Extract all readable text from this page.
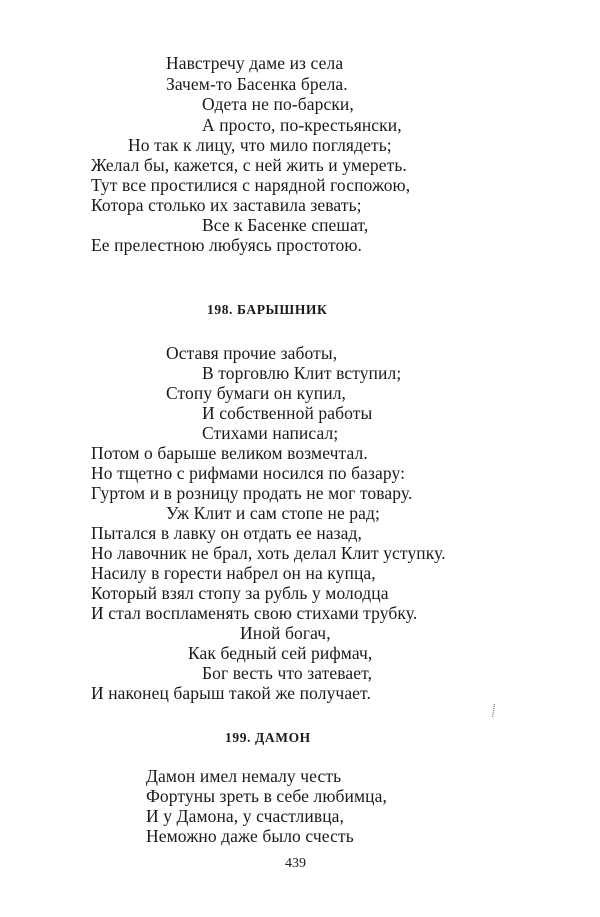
Навстречу даме из села
Зачем-то Басенка брела.
Одета не по-барски,
А просто, по-крестьянски,
Но так к лицу, что мило поглядеть;
Желал бы, кажется, с ней жить и умереть.
Тут все простилися с нарядной госпожою,
Котора столько их заставила зевать;
Все к Басенке спешат,
Ее прелестною любуясь простотою.
198. БАРЫШНИК
Оставя прочие заботы,
В торговлю Клит вступил;
Стопу бумаги он купил,
И собственной работы
Стихами написал;
Потом о барыше великом возмечтал.
Но тщетно с рифмами носился по базару:
Гуртом и в розницу продать не мог товару.
Уж Клит и сам стопе не рад;
Пытался в лавку он отдать ее назад,
Но лавочник не брал, хоть делал Клит уступку.
Насилу в горести набрел он на купца,
Который взял стопу за рубль у молодца
И стал воспламенять свою стихами трубку.
Иной богач,
Как бедный сей рифмач,
Бог весть что затевает,
И наконец барыш такой же получает.
199. ДАМОН
Дамон имел немалу честь
Фортуны зреть в себе любимца,
И у Дамона, у счастливца,
Неможно даже было счесть
439
